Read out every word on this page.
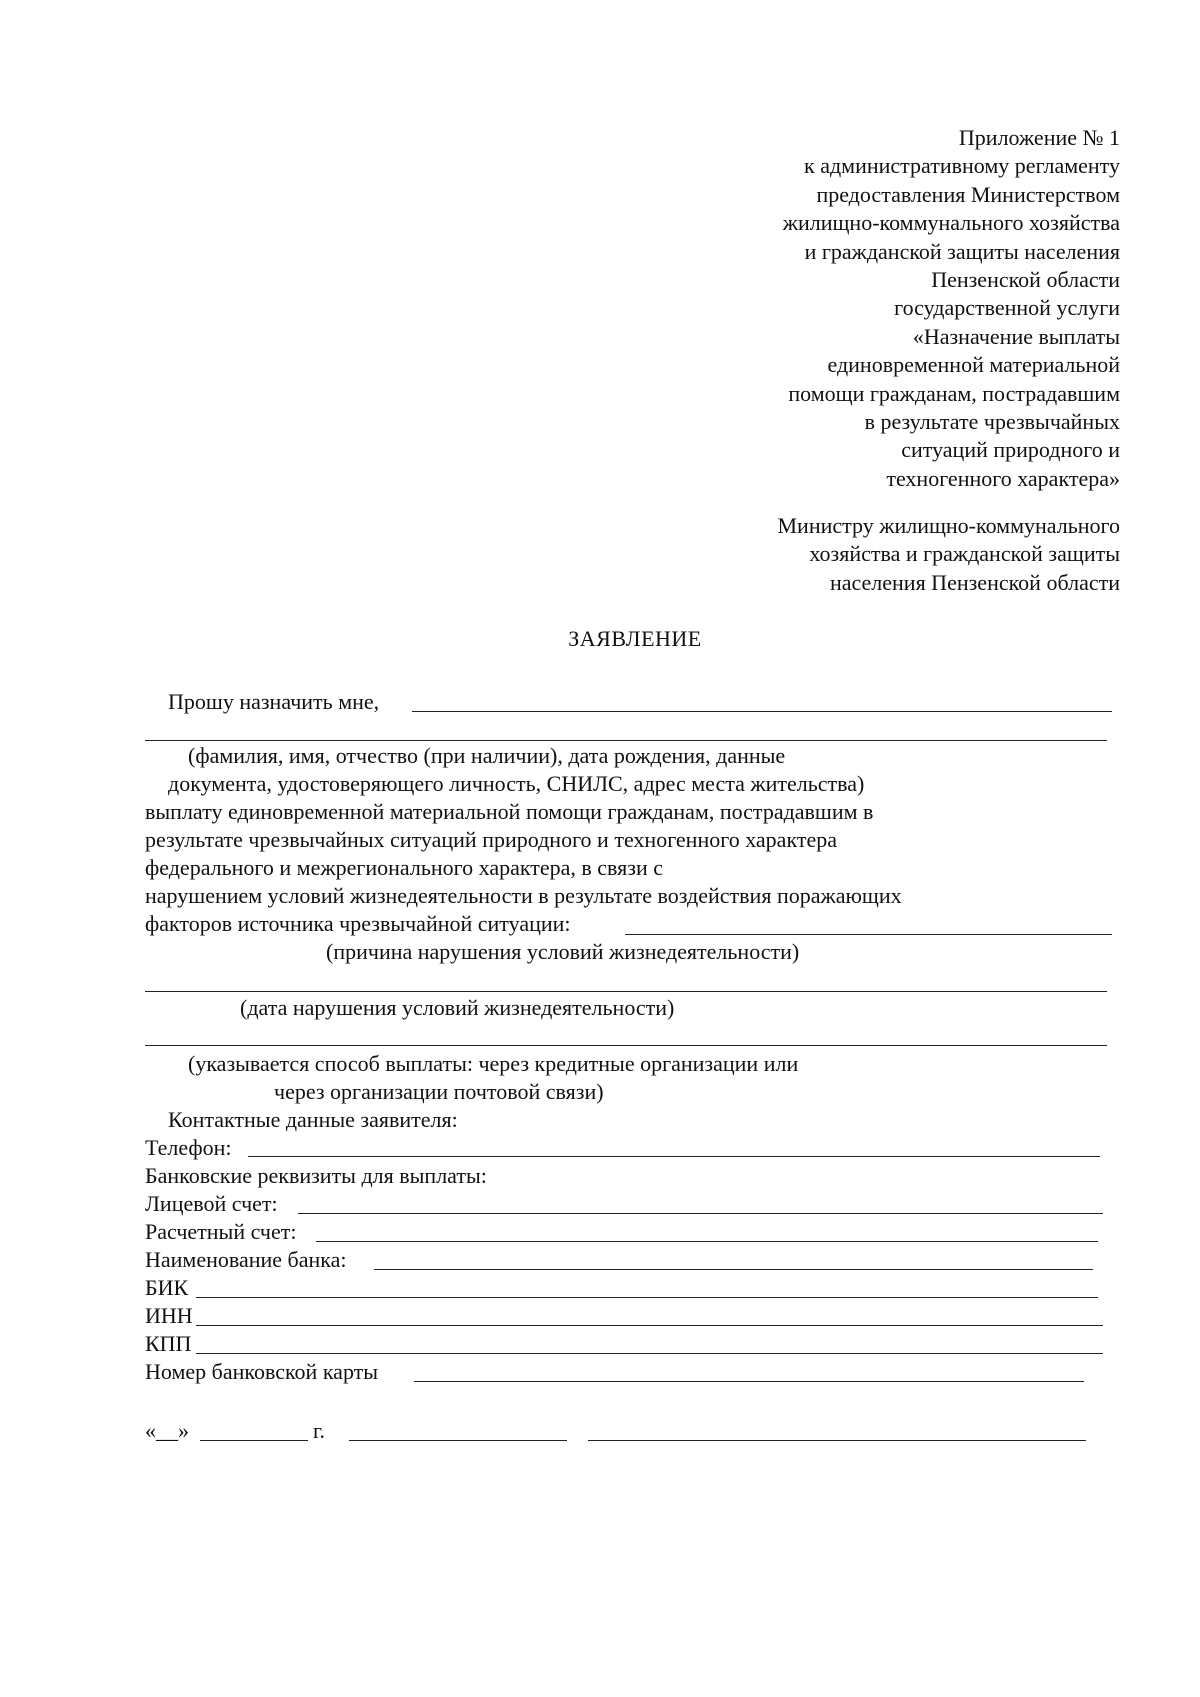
Приложение № 1
к административному регламенту
предоставления Министерством
жилищно-коммунального хозяйства
и гражданской защиты населения
Пензенской области
государственной услуги
«Назначение выплаты
единовременной материальной
помощи гражданам, пострадавшим
в результате чрезвычайных
ситуаций природного и
техногенного характера»
Министру жилищно-коммунального
хозяйства и гражданской защиты
населения Пензенской области
ЗАЯВЛЕНИЕ
Прошу назначить мне,
(фамилия, имя, отчество (при наличии), дата рождения, данные
документа, удостоверяющего личность, СНИЛС, адрес места жительства)
выплату единовременной материальной помощи гражданам, пострадавшим в
результате чрезвычайных ситуаций природного и техногенного характера
федерального и межрегионального характера, в связи с
нарушением условий жизнедеятельности в результате воздействия поражающих
факторов источника чрезвычайной ситуации:
(причина нарушения условий жизнедеятельности)
(дата нарушения условий жизнедеятельности)
(указывается способ выплаты: через кредитные организации или
через организации почтовой связи)
Контактные данные заявителя:
Телефон:
Банковские реквизиты для выплаты:
Лицевой счет:
Расчетный счет:
Наименование банка:
БИК
ИНН
КПП
Номер банковской карты
«__»	г.
